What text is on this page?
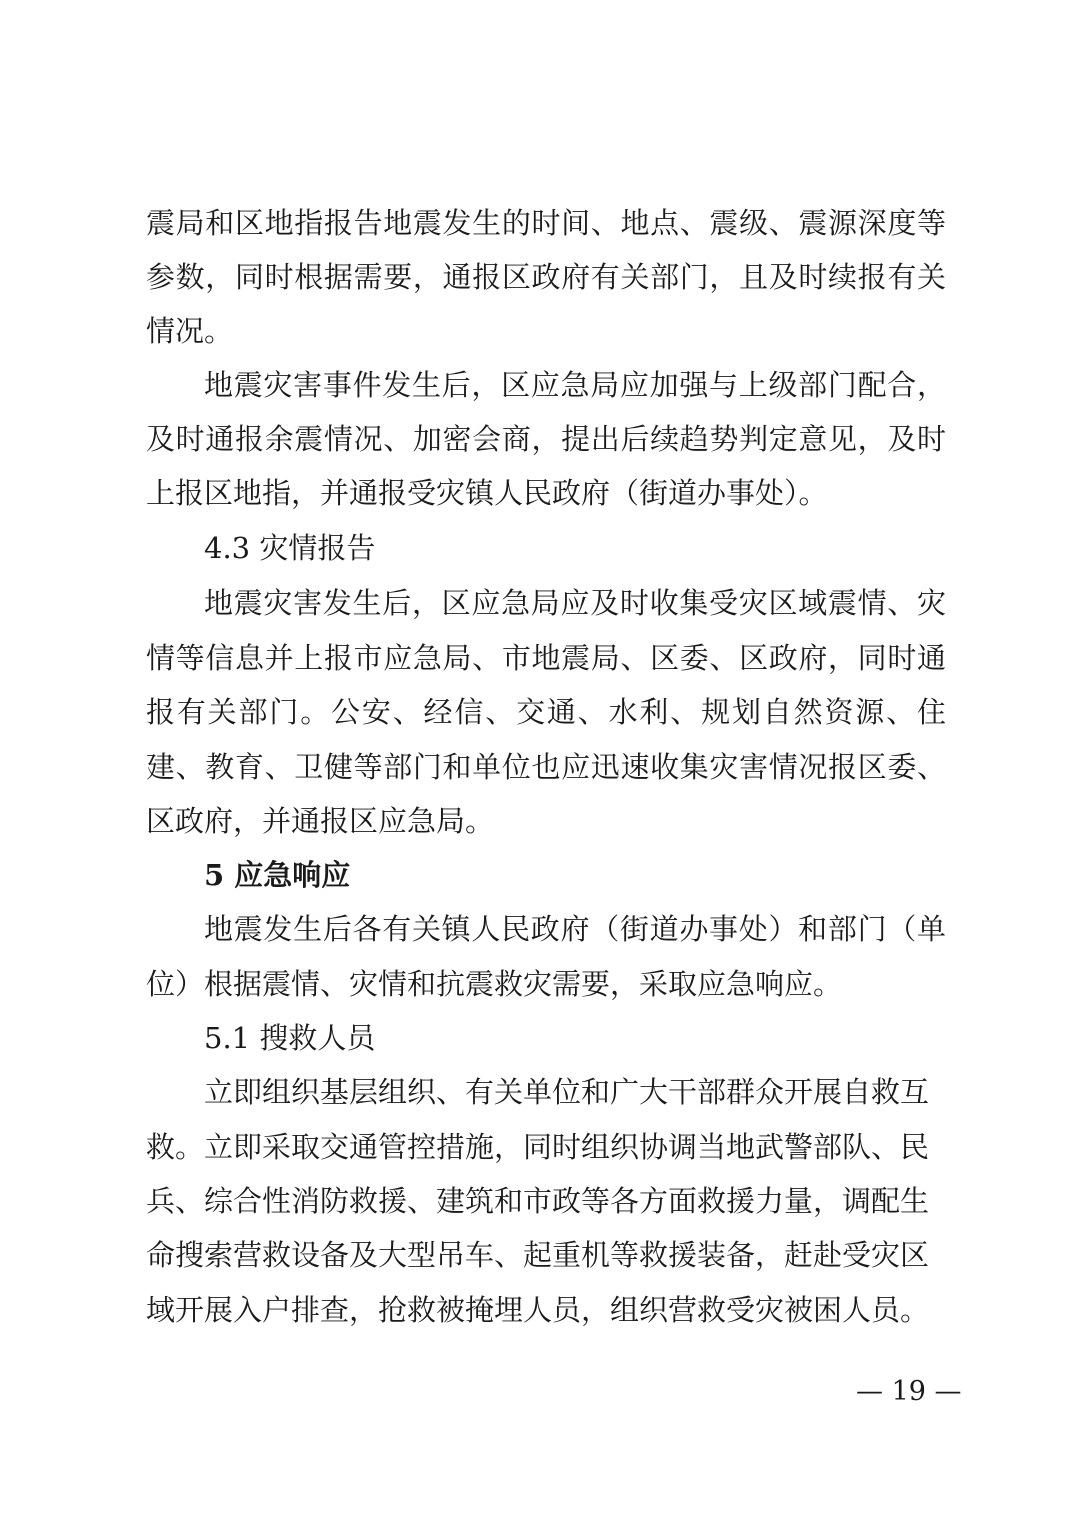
震局和区地指报告地震发生的时间、地点、震级、震源深度等
参数，同时根据需要，通报区政府有关部门，且及时续报有关
情况。
地震灾害事件发生后，区应急局应加强与上级部门配合，
及时通报余震情况、加密会商，提出后续趋势判定意见，及时
上报区地指，并通报受灾镇人民政府（街道办事处）。
4.3 灾情报告
地震灾害发生后，区应急局应及时收集受灾区域震情、灾
情等信息并上报市应急局、市地震局、区委、区政府，同时通
报有关部门。公安、经信、交通、水利、规划自然资源、住
建、教育、卫健等部门和单位也应迅速收集灾害情况报区委、
区政府，并通报区应急局。
5 应急响应
地震发生后各有关镇人民政府（街道办事处）和部门（单
位）根据震情、灾情和抗震救灾需要，采取应急响应。
5.1 搜救人员
立即组织基层组织、有关单位和广大干部群众开展自救互
救。立即采取交通管控措施，同时组织协调当地武警部队、民
兵、综合性消防救援、建筑和市政等各方面救援力量，调配生
命搜索营救设备及大型吊车、起重机等救援装备，赶赴受灾区
域开展入户排查，抢救被掩埋人员，组织营救受灾被困人员。
— 19 —
